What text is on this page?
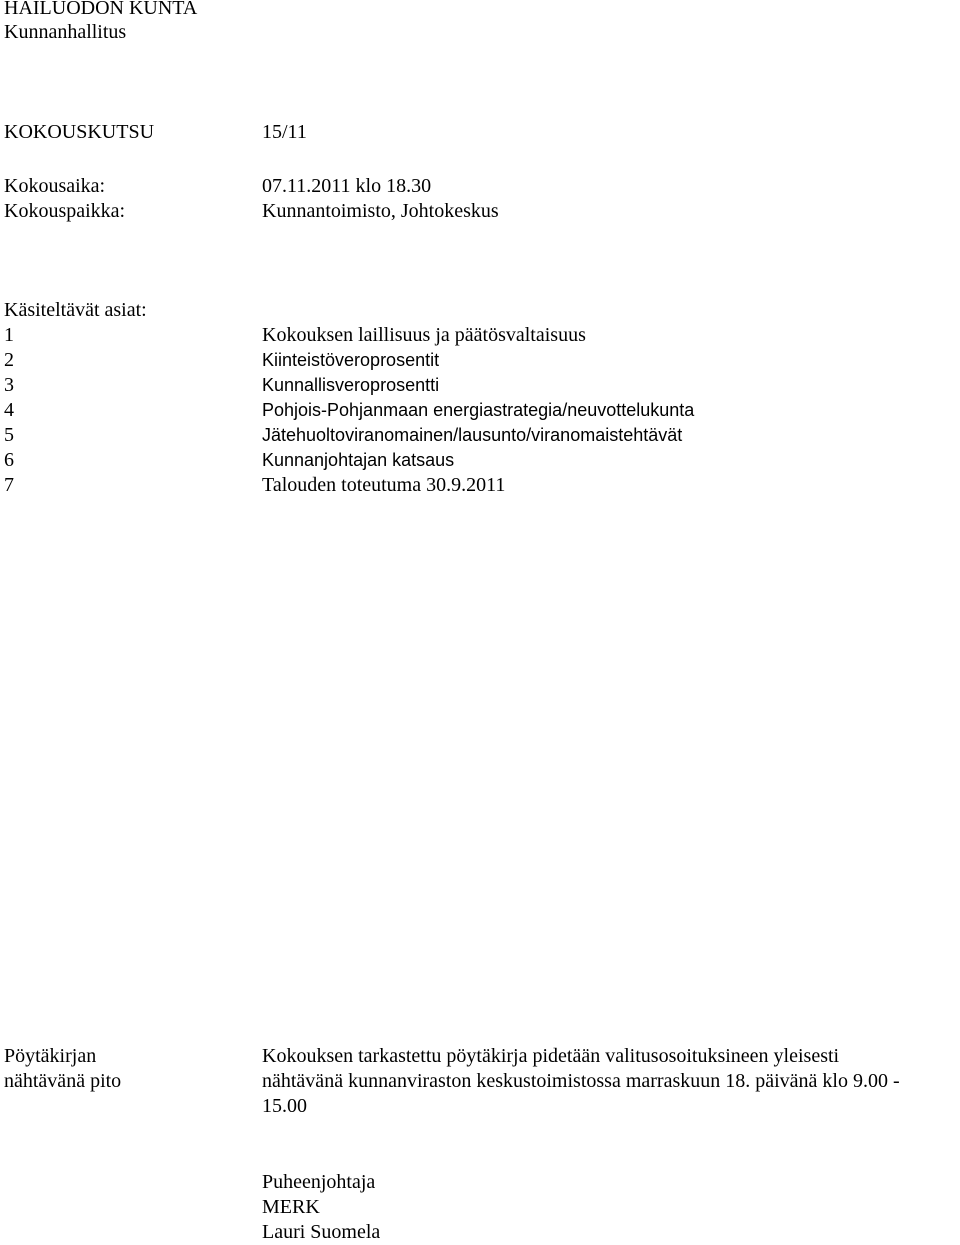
HAILUODON KUNTA
Kunnanhallitus
KOKOUSKUTSU	15/11
Kokousaika:	07.11.2011 klo 18.30
Kokouspaikka:	Kunnantoimisto, Johtokeskus
Käsiteltävät asiat:
1	Kokouksen laillisuus ja päätösvaltaisuus
2	Kiinteistöveroprosentit
3	Kunnallisveroprosentti
4	Pohjois-Pohjanmaan energiastrategia/neuvottelukunta
5	Jätehuoltoviranomainen/lausunto/viranomaistehtävät
6	Kunnanjohtajan katsaus
7	Talouden toteutuma 30.9.2011
Pöytäkirjan	Kokouksen tarkastettu pöytäkirja pidetään valitusosoituksineen yleisesti
nähtävänä pito	nähtävänä kunnanviraston keskustoimistossa marraskuun 18. päivänä klo 9.00 -
15.00
Puheenjohtaja
MERK
Lauri Suomela
